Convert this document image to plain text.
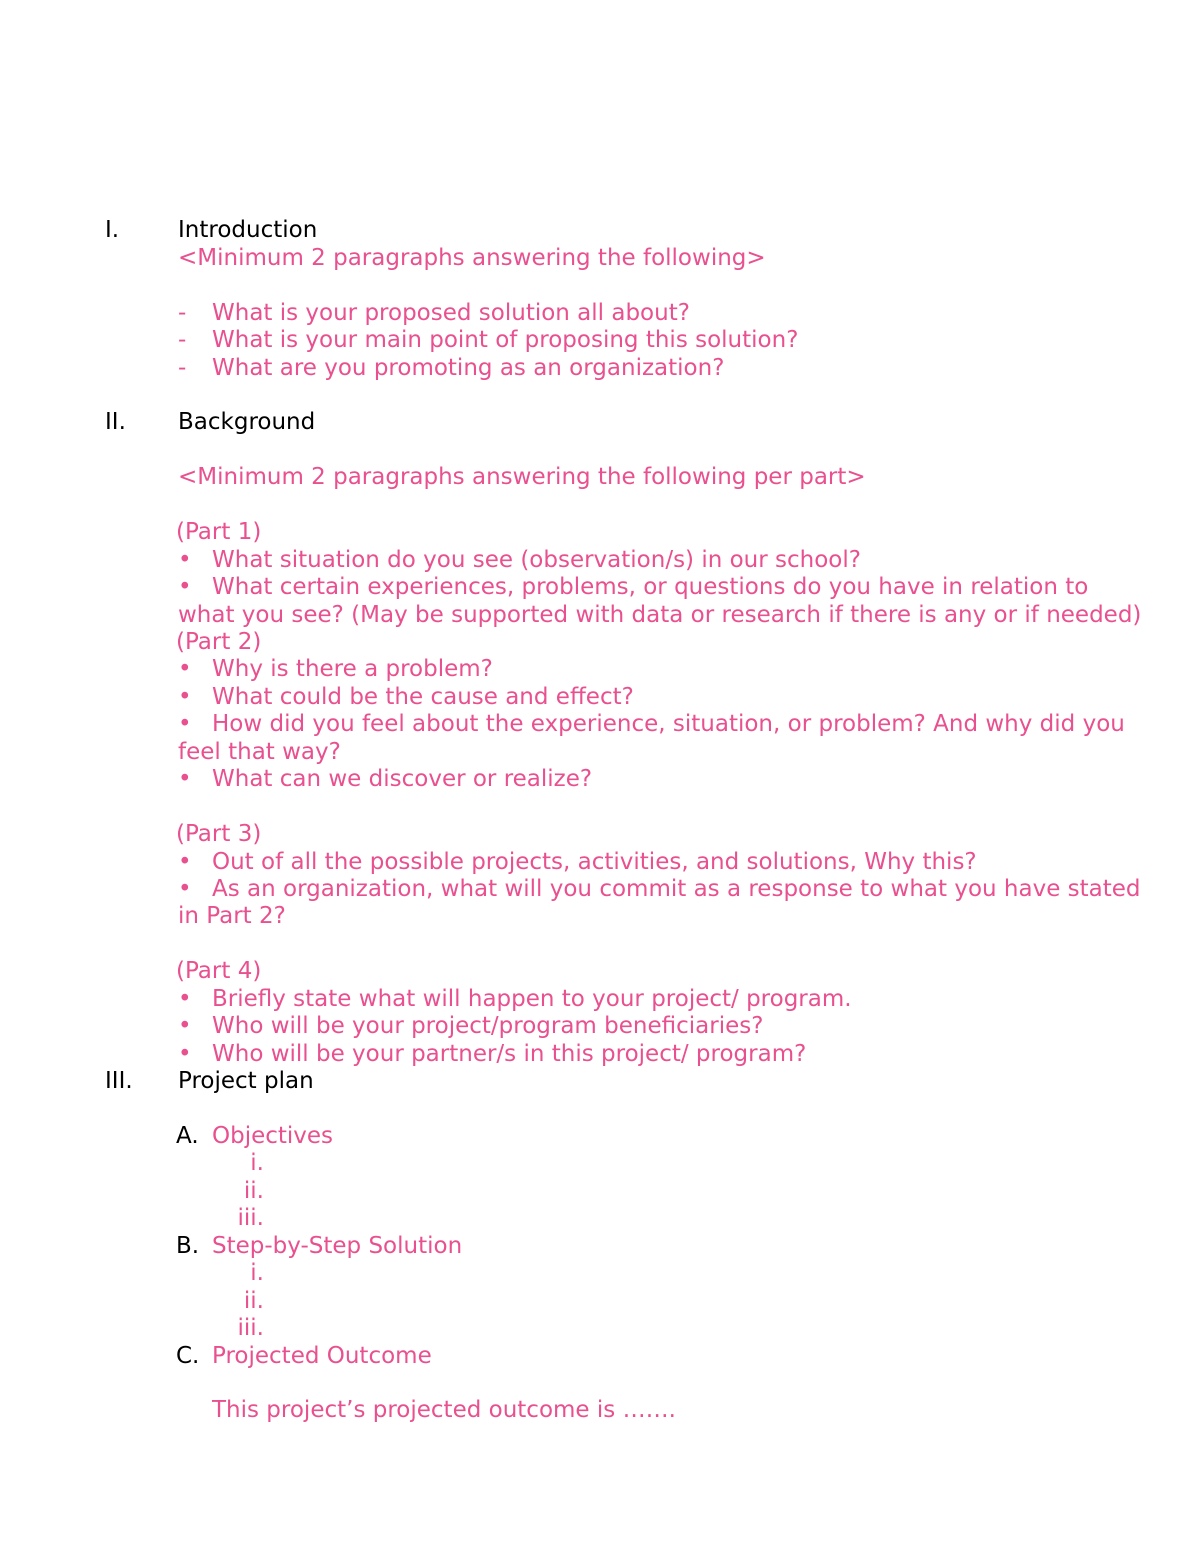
I.	Introduction
<Minimum 2 paragraphs answering the following>
- What is your proposed solution all about?
- What is your main point of proposing this solution?
- What are you promoting as an organization?
II. Background
<Minimum 2 paragraphs answering the following per part>
(Part 1)
• What situation do you see (observation/s) in our school?
• What certain experiences, problems, or questions do you have in relation to
what you see? (May be supported with data or research if there is any or if needed)
(Part 2)
• Why is there a problem?
• What could be the cause and effect?
• How did you feel about the experience, situation, or problem? And why did you
feel that way?
• What can we discover or realize?
(Part 3)
• Out of all the possible projects, activities, and solutions, Why this?
• As an organization, what will you commit as a response to what you have stated
in Part 2?
(Part 4)
• Briefly state what will happen to your project/ program.
• Who will be your project/program beneficiaries?
• Who will be your partner/s in this project/ program?
III. Project plan
A. Objectives
i.
ii.
iii.
B. Step-by-Step Solution
i.
ii.
iii.
C. Projected Outcome
This project’s projected outcome is …….
